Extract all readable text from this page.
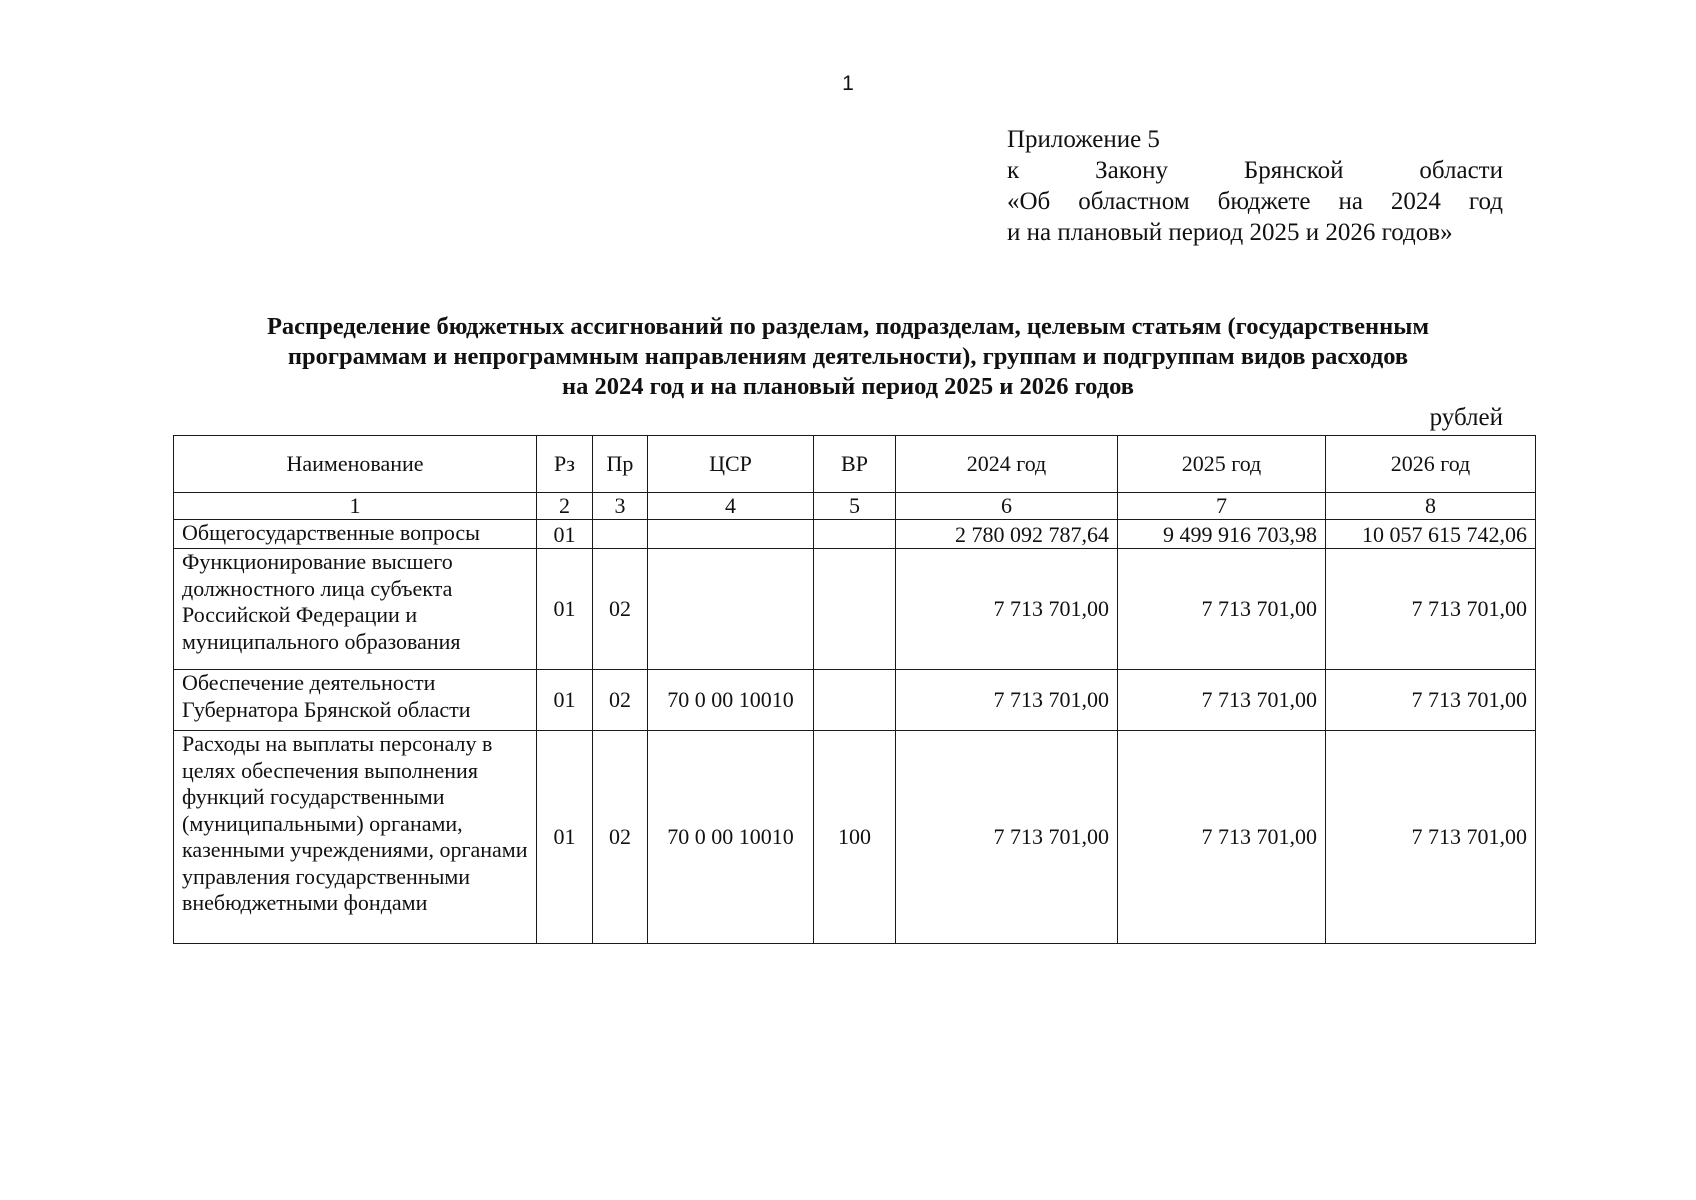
1
Приложение 5
к Закону Брянской области
«Об областном бюджете на 2024 год
и на плановый период 2025 и 2026 годов»
Распределение бюджетных ассигнований по разделам, подразделам, целевым статьям (государственным
программам и непрограммным направлениям деятельности), группам и подгруппам видов расходов
на 2024 год и на плановый период 2025 и 2026 годов
рублей
Наименование	Рз	Пр	ЦСР	ВР	2024 год	2025 год	2026 год
1	2	3	4	5	6	7	8
Общегосударственные вопросы	01				2 780 092 787,64	9 499 916 703,98	10 057 615 742,06
Функционирование высшего должностного лица субъекта Российской Федерации и муниципального образования	01	02			7 713 701,00	7 713 701,00	7 713 701,00
Обеспечение деятельности Губернатора Брянской области	01	02	70 0 00 10010		7 713 701,00	7 713 701,00	7 713 701,00
Расходы на выплаты персоналу в целях обеспечения выполнения функций государственными (муниципальными) органами, казенными учреждениями, органами управления государственными внебюджетными фондами	01	02	70 0 00 10010	100	7 713 701,00	7 713 701,00	7 713 701,00
